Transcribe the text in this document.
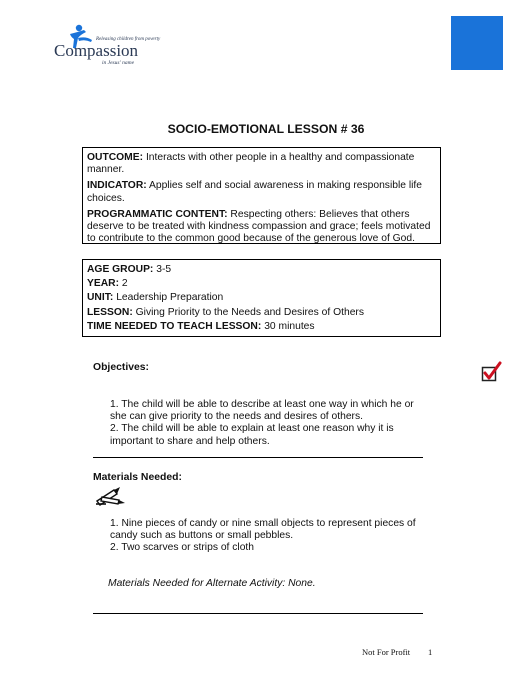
Releasing children from poverty
Compassion
in Jesus' name
SOCIO-EMOTIONAL LESSON # 36

OUTCOME: Interacts with other people in a healthy and compassionate manner.

INDICATOR: Applies self and social awareness in making responsible life choices.

PROGRAMMATIC CONTENT: Respecting others: Believes that others deserve to be treated with kindness compassion and grace; feels motivated to contribute to the common good because of the generous love of God.

AGE GROUP: 3-5

YEAR: 2

UNIT: Leadership Preparation

LESSON: Giving Priority to the Needs and Desires of Others

TIME NEEDED TO TEACH LESSON: 30 minutes

Objectives:

1. The child will be able to describe at least one way in which he or she can give priority to the needs and desires of others.

2. The child will be able to explain at least one reason why it is important to share and help others.

Materials Needed:

1. Nine pieces of candy or nine small objects to represent pieces of candy such as buttons or small pebbles.

2. Two scarves or strips of cloth

Materials Needed for Alternate Activity: None.
Not For Profit 1
